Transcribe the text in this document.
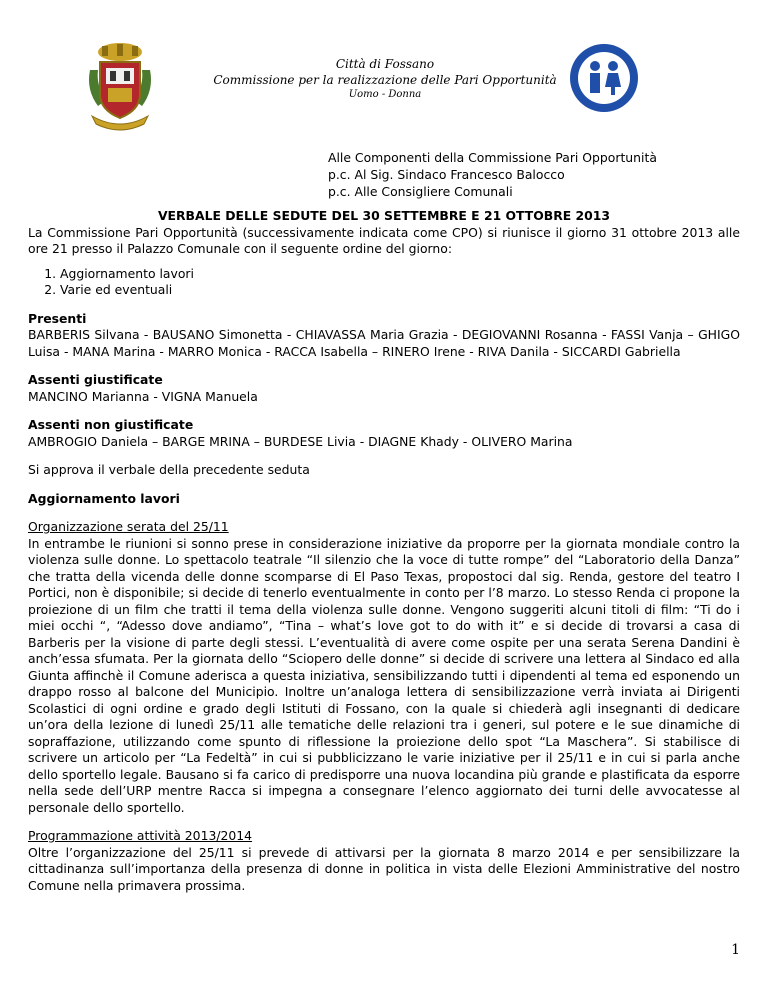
Città di Fossano
Commissione per la realizzazione delle Pari Opportunità
Uomo - Donna
Alle Componenti della Commissione Pari Opportunità
p.c. Al Sig. Sindaco Francesco Balocco
p.c. Alle Consigliere Comunali

VERBALE DELLE SEDUTE DEL 30 SETTEMBRE E 21 OTTOBRE 2013

La Commissione Pari Opportunità (successivamente indicata come CPO) si riunisce il giorno 31 ottobre 2013 alle ore 21 presso il Palazzo Comunale con il seguente ordine del giorno:

1. Aggiornamento lavori
2. Varie ed eventuali

Presenti

BARBERIS Silvana - BAUSANO Simonetta - CHIAVASSA Maria Grazia - DEGIOVANNI Rosanna - FASSI Vanja – GHIGO Luisa - MANA Marina - MARRO Monica - RACCA Isabella – RINERO Irene - RIVA Danila - SICCARDI Gabriella

Assenti giustificate

MANCINO Marianna - VIGNA Manuela

Assenti non giustificate

AMBROGIO Daniela – BARGE MRINA – BURDESE Livia - DIAGNE Khady - OLIVERO Marina

Si approva il verbale della precedente seduta

Aggiornamento lavori

Organizzazione serata del 25/11

In entrambe le riunioni si sonno prese in considerazione iniziative da proporre per la giornata mondiale contro la violenza sulle donne. Lo spettacolo teatrale “Il silenzio che la voce di tutte rompe” del “Laboratorio della Danza” che tratta della vicenda delle donne scomparse di El Paso Texas, propostoci dal sig. Renda, gestore del teatro I Portici, non è disponibile; si decide di tenerlo eventualmente in conto per l’8 marzo. Lo stesso Renda ci propone la proiezione di un film che tratti il tema della violenza sulle donne. Vengono suggeriti alcuni titoli di film: “Ti do i miei occhi “, “Adesso dove andiamo”, “Tina – what’s love got to do with it” e si decide di trovarsi a casa di Barberis per la visione di parte degli stessi. L’eventualità di avere come ospite per una serata Serena Dandini è anch’essa sfumata. Per la giornata dello “Sciopero delle donne” si decide di scrivere una lettera al Sindaco ed alla Giunta affinchè il Comune aderisca a questa iniziativa, sensibilizzando tutti i dipendenti al tema ed esponendo un drappo rosso al balcone del Municipio. Inoltre un’analoga lettera di sensibilizzazione verrà inviata ai Dirigenti Scolastici di ogni ordine e grado degli Istituti di Fossano, con la quale si chiederà agli insegnanti di dedicare un’ora della lezione di lunedì 25/11 alle tematiche delle relazioni tra i generi, sul potere e le sue dinamiche di sopraffazione, utilizzando come spunto di riflessione la proiezione dello spot “La Maschera”. Si stabilisce di scrivere un articolo per “La Fedeltà” in cui si pubblicizzano le varie iniziative per il 25/11 e in cui si parla anche dello sportello legale. Bausano si fa carico di predisporre una nuova locandina più grande e plastificata da esporre nella sede dell’URP mentre Racca si impegna a consegnare l’elenco aggiornato dei turni delle avvocatesse al personale dello sportello.

Programmazione attività 2013/2014

Oltre l’organizzazione del 25/11 si prevede di attivarsi per la giornata 8 marzo 2014 e per sensibilizzare la cittadinanza sull’importanza della presenza di donne in politica in vista delle Elezioni Amministrative del nostro Comune nella primavera prossima.

1
